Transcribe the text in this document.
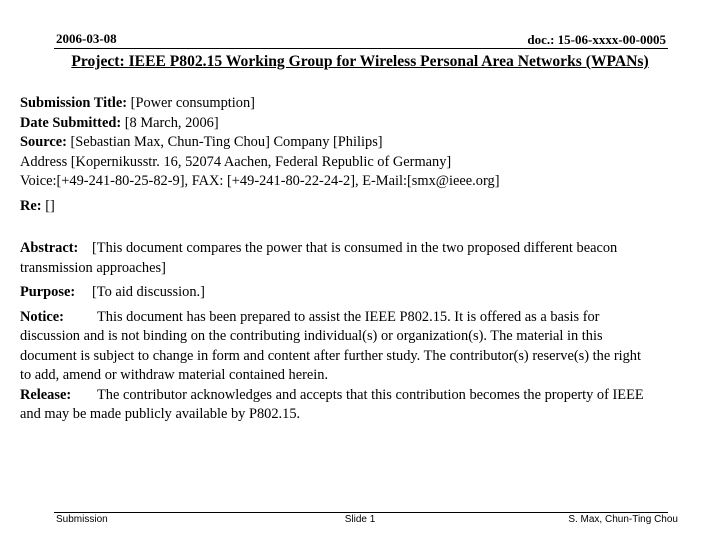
2006-03-08	doc.: 15-06-xxxx-00-0005
Project: IEEE P802.15 Working Group for Wireless Personal Area Networks (WPANs)
Submission Title: [Power consumption]
Date Submitted: [8 March, 2006]
Source: [Sebastian Max, Chun-Ting Chou] Company [Philips]
Address [Kopernikusstr. 16, 52074 Aachen, Federal Republic of Germany]
Voice:[+49-241-80-25-82-9], FAX: [+49-241-80-22-24-2], E-Mail:[smx@ieee.org]
Re: []
Abstract: [This document compares the power that is consumed in the two proposed different beacon
transmission approaches]
Purpose: [To aid discussion.]
Notice: This document has been prepared to assist the IEEE P802.15. It is offered as a basis for
discussion and is not binding on the contributing individual(s) or organization(s). The material in this
document is subject to change in form and content after further study. The contributor(s) reserve(s) the right
to add, amend or withdraw material contained herein.
Release: The contributor acknowledges and accepts that this contribution becomes the property of IEEE
and may be made publicly available by P802.15.
Submission	Slide 1	S. Max, Chun-Ting Chou
